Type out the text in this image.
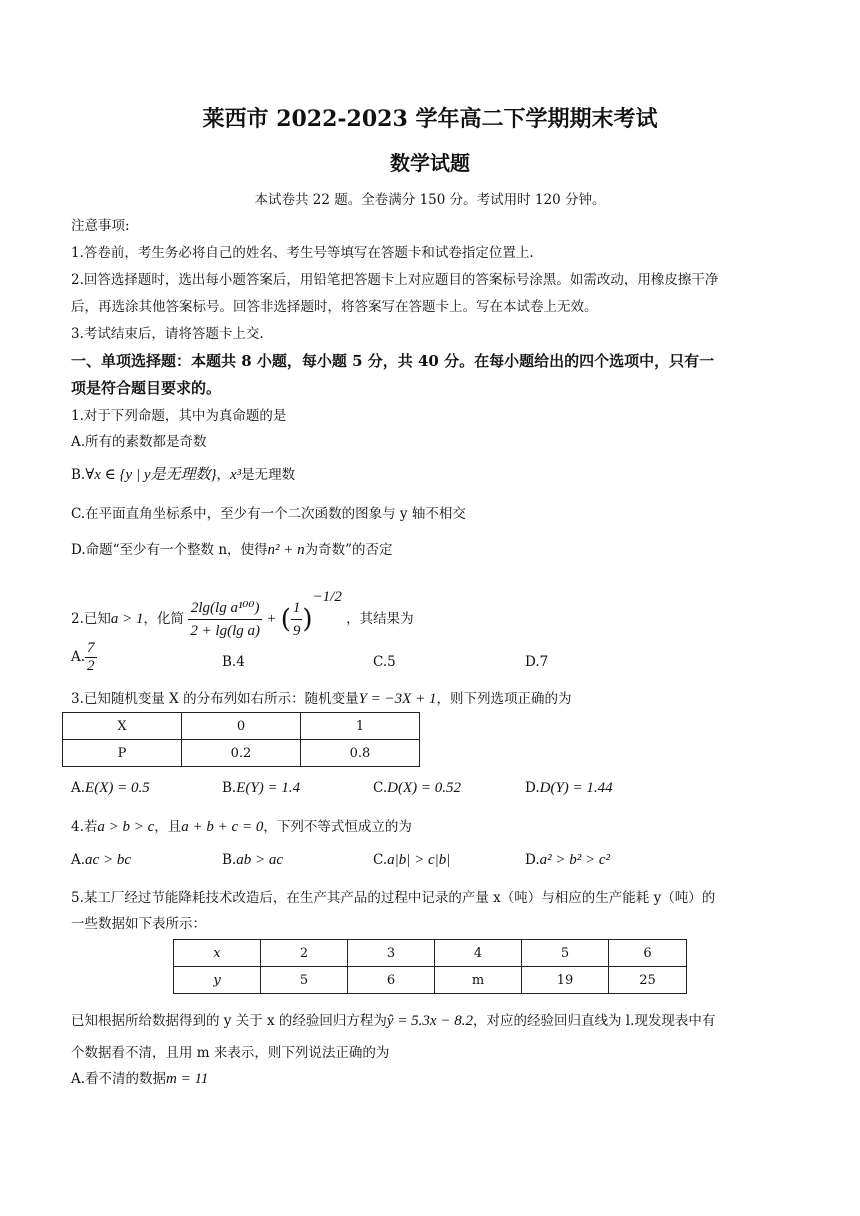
莱西市 2022-2023 学年高二下学期期末考试
数学试题
本试卷共 22 题。全卷满分 150 分。考试用时 120 分钟。
注意事项:
1.答卷前，考生务必将自己的姓名、考生号等填写在答题卡和试卷指定位置上.
2.回答选择题时，选出每小题答案后，用铅笔把答题卡上对应题目的答案标号涂黑。如需改动，用橡皮擦干净
后，再选涂其他答案标号。回答非选择题时，将答案写在答题卡上。写在本试卷上无效。
3.考试结束后，请将答题卡上交.
一、单项选择题：本题共 8 小题，每小题 5 分，共 40 分。在每小题给出的四个选项中，只有一
项是符合题目要求的。
1.对于下列命题，其中为真命题的是
A.所有的素数都是奇数
B.∀x ∈ {y | y是无理数}，x³是无理数
C.在平面直角坐标系中，至少有一个二次函数的图象与 y 轴不相交
D.命题“至少有一个整数 n，使得n² + n为奇数”的否定
2.已知a > 1，化简 $\frac{\text{2lg(lg a¹⁰⁰)}}{\text{2 + lg(lg a)}}$ + ( $\frac{1}{9} )^{-1/2}$ ，其结果为
A. $\frac{7}{2}$	B.4	C.5	D.7
3.已知随机变量 X 的分布列如右所示：随机变量Y = −3X + 1，则下列选项正确的为
X	0	1
P	0.2	0.8
A.E(X) = 0.5	B.E(Y) = 1.4	C.D(X) = 0.52	D.D(Y) = 1.44
4.若a > b > c，且a + b + c = 0，下列不等式恒成立的为
A.ac > bc	B.ab > ac	C.a|b| > c|b|	D.a² > b² > c²
5.某工厂经过节能降耗技术改造后，在生产其产品的过程中记录的产量 x（吨）与相应的生产能耗 y（吨）的
一些数据如下表所示：
x	2	3	4	5	6
y	5	6	m	19	25
已知根据所给数据得到的 y 关于 x 的经验回归方程为ŷ = 5.3x − 8.2，对应的经验回归直线为 l.现发现表中有
个数据看不清，且用 m 来表示，则下列说法正确的为
A.看不清的数据m = 11
